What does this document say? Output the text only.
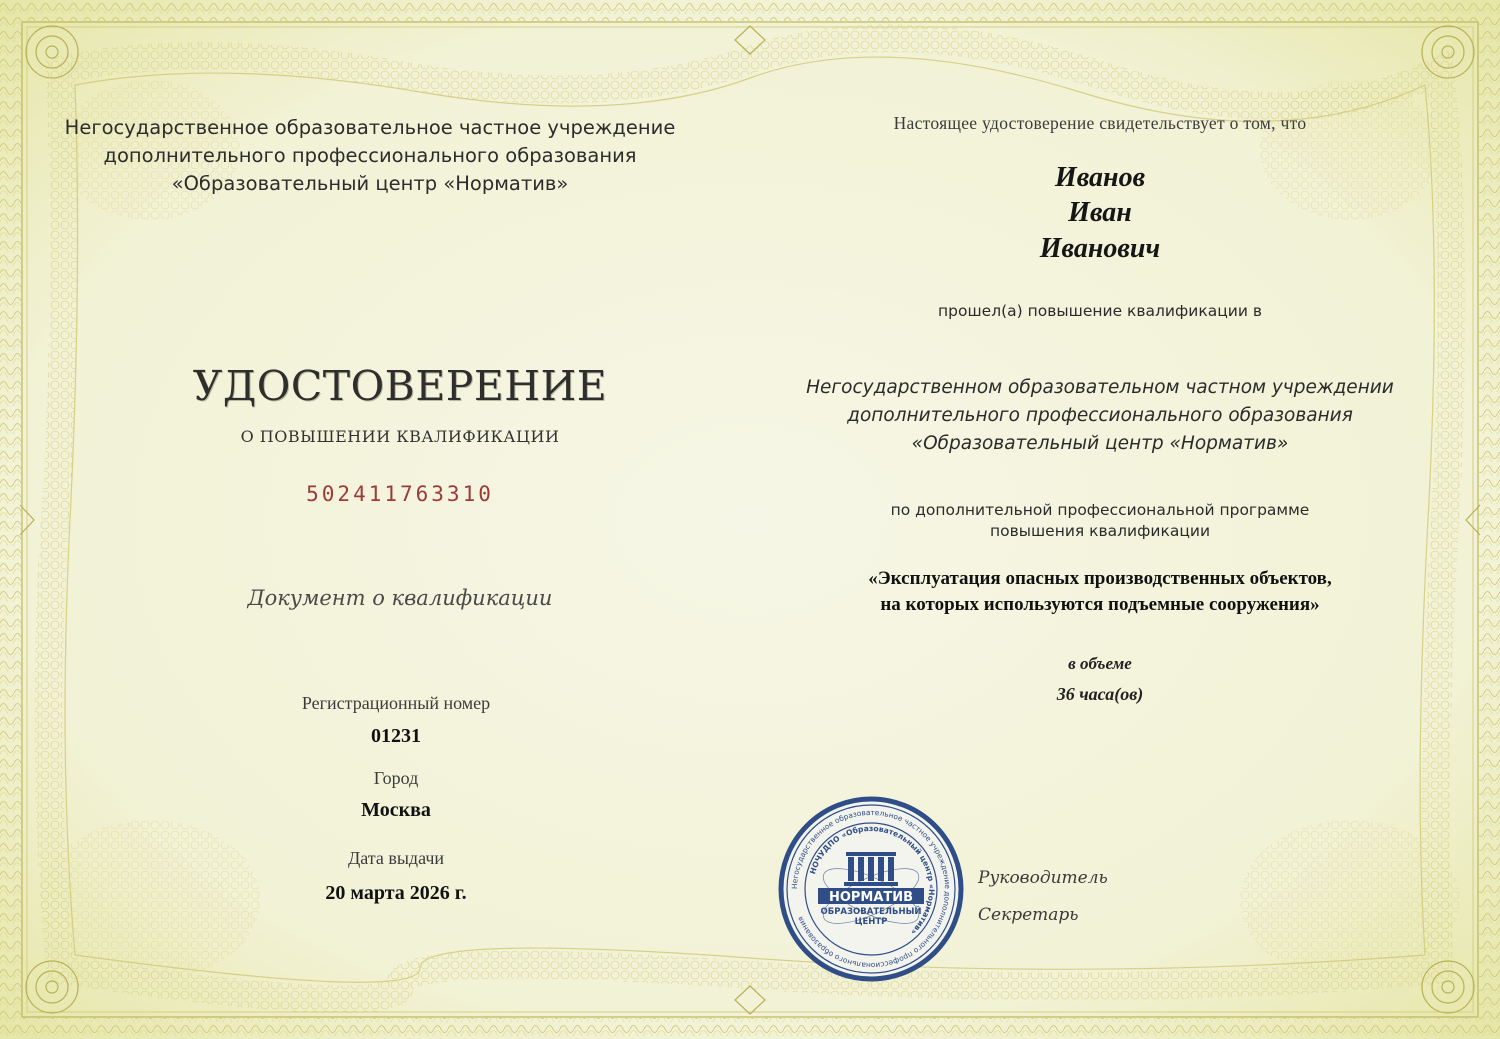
Негосударственное образовательное частное учреждение
дополнительного профессионального образования
«Образовательный центр «Норматив»
УДОСТОВЕРЕНИЕ
О ПОВЫШЕНИИ КВАЛИФИКАЦИИ
502411763310
Документ о квалификации
Регистрационный номер
01231
Город
Москва
Дата выдачи
20 марта 2026 г.
Настоящее удостоверение свидетельствует о том, что
Иванов
Иван
Иванович
прошел(а) повышение квалификации в
Негосударственном образовательном частном учреждении
дополнительного профессионального образования
«Образовательный центр «Норматив»
по дополнительной профессиональной программе
повышения квалификации
«Эксплуатация опасных производственных объектов,
на которых используются подъемные сооружения»
в объеме
36 часа(ов)
Негосударственное образовательное частное учреждение дополнительного профессионального образования
НОЧУДПО «Образовательный центр «Норматив»
НОРМАТИВ
ОБРАЗОВАТЕЛЬНЫЙ
ЦЕНТР
Руководитель
Секретарь
